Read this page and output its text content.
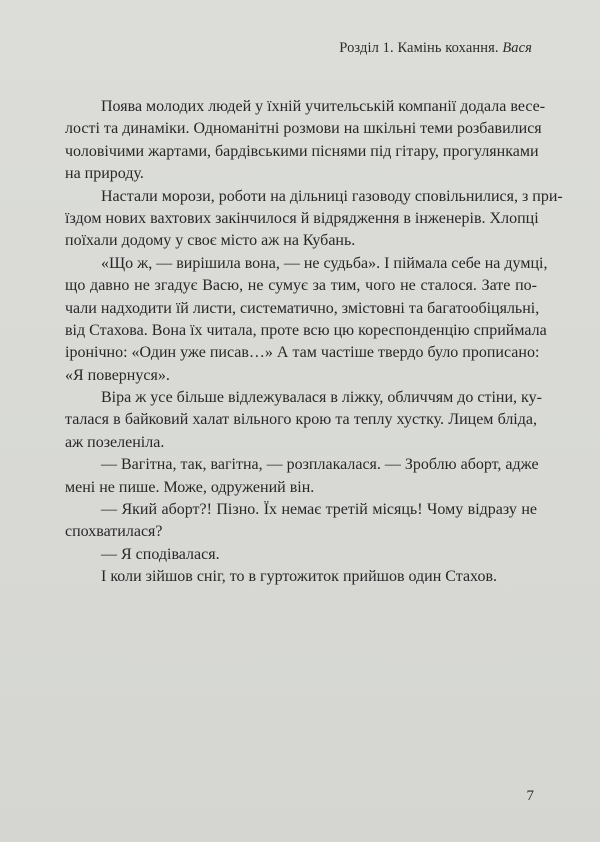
Розділ 1. Камінь кохання. Вася
Поява молодих людей у їхній учительській компанії додала весе-
лості та динаміки. Одноманітні розмови на шкільні теми розбавилися
чоловічими жартами, бардівськими піснями під гітару, прогулянками
на природу.
Настали морози, роботи на дільниці газоводу сповільнилися, з при-
їздом нових вахтових закінчилося й відрядження в інженерів. Хлопці
поїхали додому у своє місто аж на Кубань.
«Що ж, — вирішила вона, — не судьба». І піймала себе на думці,
що давно не згадує Васю, не сумує за тим, чого не сталося. Зате по-
чали надходити їй листи, систематично, змістовні та багатообіцяльні,
від Стахова. Вона їх читала, проте всю цю кореспонденцію сприймала
іронічно: «Один уже писав…» А там частіше твердо було прописано:
«Я повернуся».
Віра ж усе більше відлежувалася в ліжку, обличчям до стіни, ку-
талася в байковий халат вільного крою та теплу хустку. Лицем бліда,
аж позеленіла.
— Вагітна, так, вагітна, — розплакалася. — Зроблю аборт, адже
мені не пише. Може, одружений він.
— Який аборт?! Пізно. Їх немає третій місяць! Чому відразу не
спохватилася?
— Я сподівалася.
І коли зійшов сніг, то в гуртожиток прийшов один Стахов.
7
